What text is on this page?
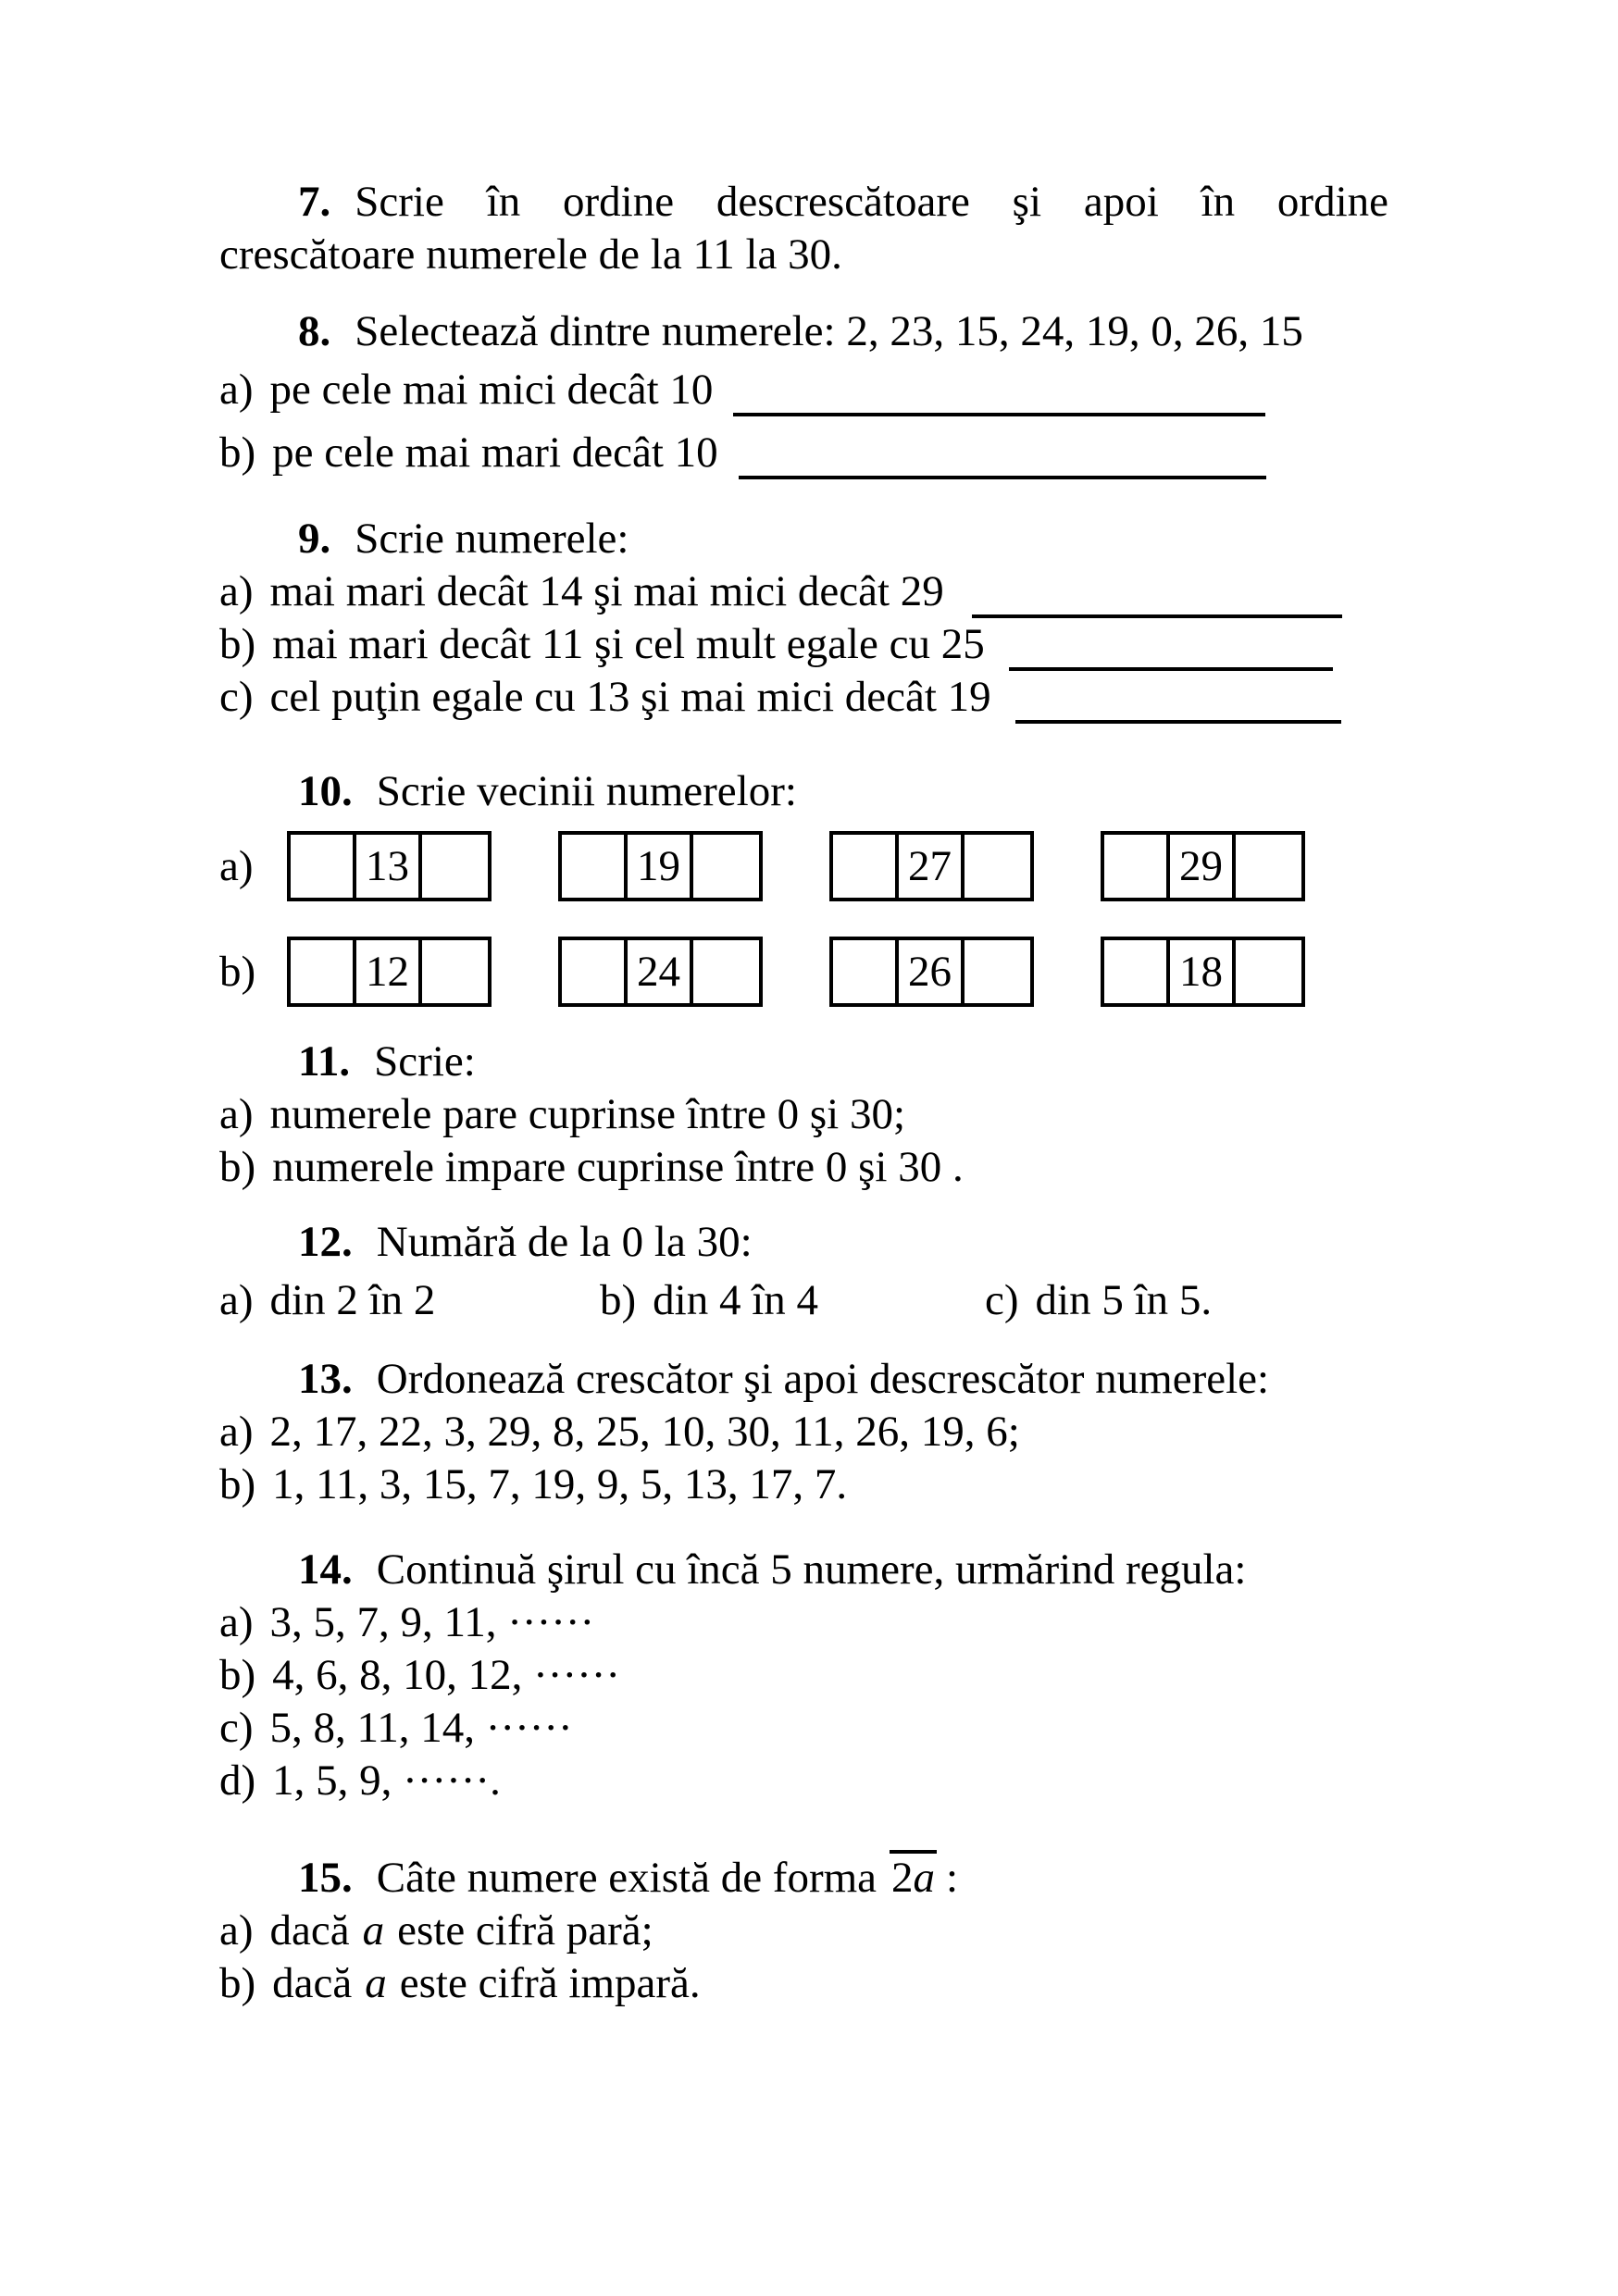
7. Scrie în ordine descrescătoare şi apoi în ordine
crescătoare numerele de la 11 la 30.
8. Selectează dintre numerele: 2, 23, 15, 24, 19, 0, 26, 15
a) pe cele mai mici decât 10
b) pe cele mai mari decât 10
9. Scrie numerele:
a) mai mari decât 14 şi mai mici decât 29
b) mai mari decât 11 şi cel mult egale cu 25
c) cel puţin egale cu 13 şi mai mici decât 19
10. Scrie vecinii numerelor:
a)	13	19	27	29
b)	12	24	26	18
11. Scrie:
a) numerele pare cuprinse între 0 şi 30;
b) numerele impare cuprinse între 0 şi 30 .
12. Numără de la 0 la 30:
a) din 2 în 2	b) din 4 în 4	c) din 5 în 5.
13. Ordonează crescător şi apoi descrescător numerele:
a) 2, 17, 22, 3, 29, 8, 25, 10, 30, 11, 26, 19, 6;
b) 1, 11, 3, 15, 7, 19, 9, 5, 13, 17, 7.
14. Continuă şirul cu încă 5 numere, urmărind regula:
a) 3, 5, 7, 9, 11, ······
b) 4, 6, 8, 10, 12, ······
c) 5, 8, 11, 14, ······
d) 1, 5, 9, ······.
15. Câte numere există de forma 2a :
a) dacă a este cifră pară;
b) dacă a este cifră impară.
